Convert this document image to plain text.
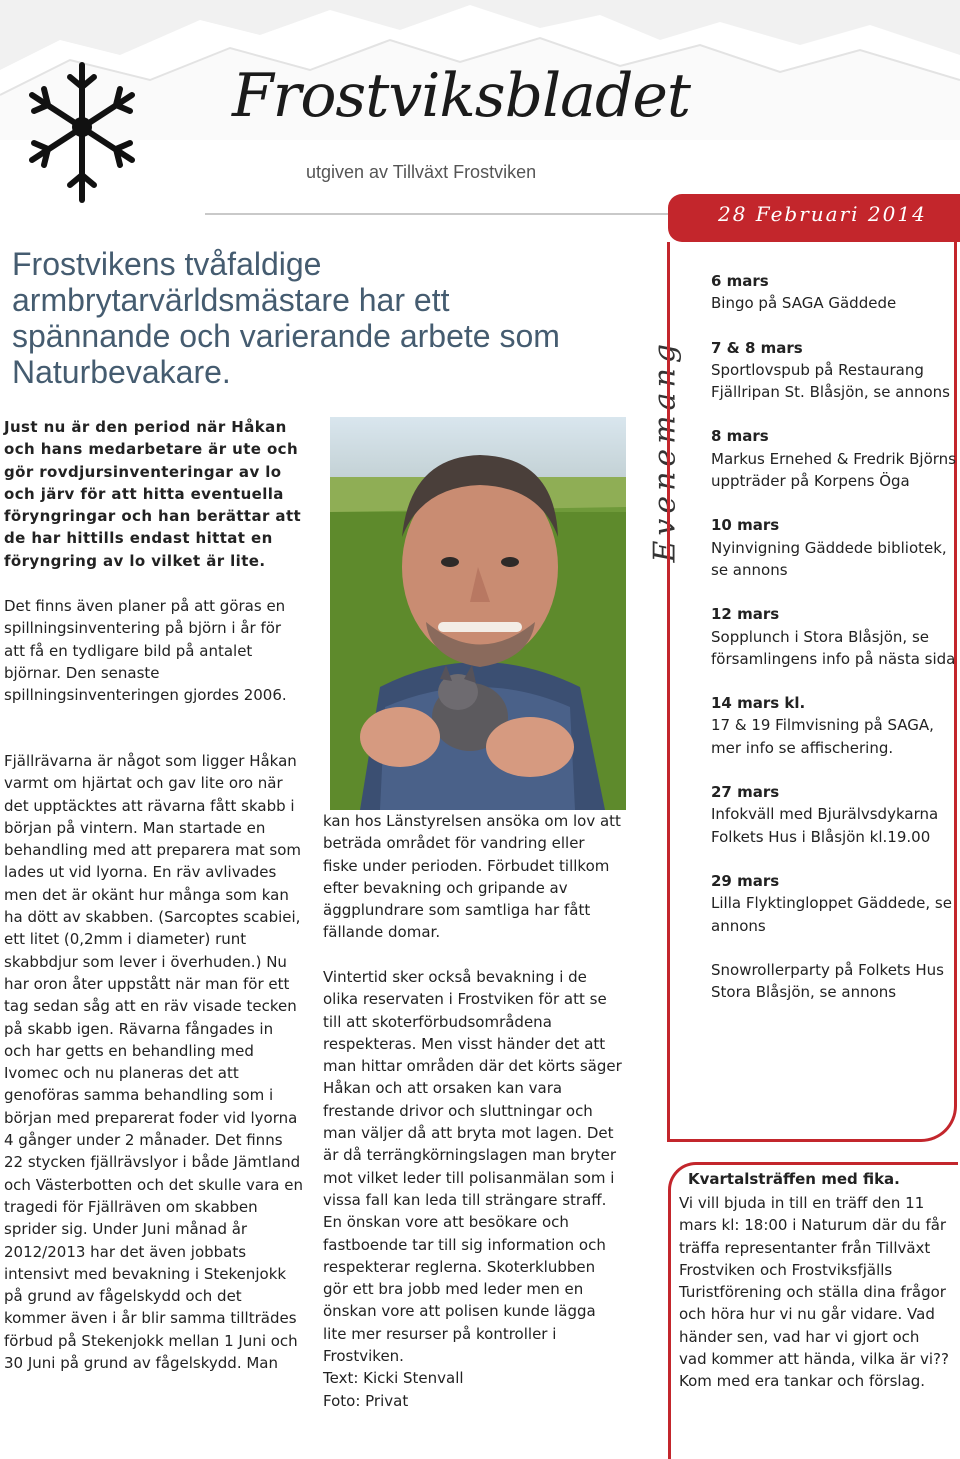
Frostviksbladet
utgiven av Tillväxt Frostviken
28 Februari 2014
Frostvikens tvåfaldige armbrytarvärldsmästare har ett spännande och varierande arbete som Naturbevakare.
Just nu är den period när Håkan och hans medarbetare är ute och gör rovdjursinventeringar av lo och järv för att hitta eventuella föryngringar och han berättar att de har hittills endast hittat en föryngring av lo vilket är lite.
Det finns även planer på att göras en spillningsinventering på björn i år för att få en tydligare bild på antalet björnar. Den senaste spillningsinventeringen gjordes 2006.
Fjällrävarna är något som ligger Håkan varmt om hjärtat och gav lite oro när det upptäcktes att rävarna fått skabb i början på vintern. Man startade en behandling med att preparera mat som lades ut vid lyorna. En räv avlivades men det är okänt hur många som kan ha dött av skabben. (Sarcoptes scabiei, ett litet (0,2mm i diameter) runt skabbdjur som lever i överhuden.) Nu har oron åter uppstått när man för ett tag sedan såg att en räv visade tecken på skabb igen. Rävarna fångades in och har getts en behandling med Ivomec och nu planeras det att genoföras samma behandling som i början med preparerat foder vid lyorna 4 gånger under 2 månader. Det finns 22 stycken fjällrävslyor i både Jämtland och Västerbotten och det skulle vara en tragedi för Fjällräven om skabben sprider sig. Under Juni månad år 2012/2013 har det även jobbats intensivt med bevakning i Stekenjokk på grund av fågelskydd och det kommer även i år blir samma tillträdes förbud på Stekenjokk mellan 1 Juni och 30 Juni på grund av fågelskydd. Man
kan hos Länstyrelsen ansöka om lov att beträda området för vandring eller fiske under perioden. Förbudet tillkom efter bevakning och gripande av äggplundrare som samtliga har fått fällande domar.
Vintertid sker också bevakning i de olika reservaten i Frostviken för att se till att skoterförbudsområdena respekteras. Men visst händer det att man hittar områden där det körts säger Håkan och att orsaken kan vara frestande drivor och sluttningar och man väljer då att bryta mot lagen. Det är då terrängkörningslagen man bryter mot vilket leder till polisanmälan som i vissa fall kan leda till strängare straff. En önskan vore att besökare och fastboende tar till sig information och respekterar reglerna. Skoterklubben gör ett bra jobb med leder men en önskan vore att polisen kunde lägga lite mer resurser på kontroller i Frostviken.
Text: Kicki Stenvall
Foto: Privat
Evenemang
6 mars
Bingo på SAGA Gäddede
7 & 8 mars
Sportlovspub på Restaurang Fjällripan St. Blåsjön, se annons
8 mars
Markus Ernehed & Fredrik Björns uppträder på Korpens Öga
10 mars
Nyinvigning Gäddede bibliotek, se annons
12 mars
Sopplunch i Stora Blåsjön, se församlingens info på nästa sida
14 mars kl.
17 & 19 Filmvisning på SAGA, mer info se affischering.
27 mars
Infokväll med Bjurälvsdykarna Folkets Hus i Blåsjön kl.19.00
29 mars
Lilla Flyktingloppet Gäddede, se annons
Snowrollerparty på Folkets Hus Stora Blåsjön, se annons
Kvartalsträffen med fika.
Vi vill bjuda in till en träff den 11 mars kl: 18:00 i Naturum där du får träffa representanter från Tillväxt Frostviken och Frostviksfjälls Turistförening och ställa dina frågor och höra hur vi nu går vidare. Vad händer sen, vad har vi gjort och vad kommer att hända, vilka är vi?? Kom med era tankar och förslag.
